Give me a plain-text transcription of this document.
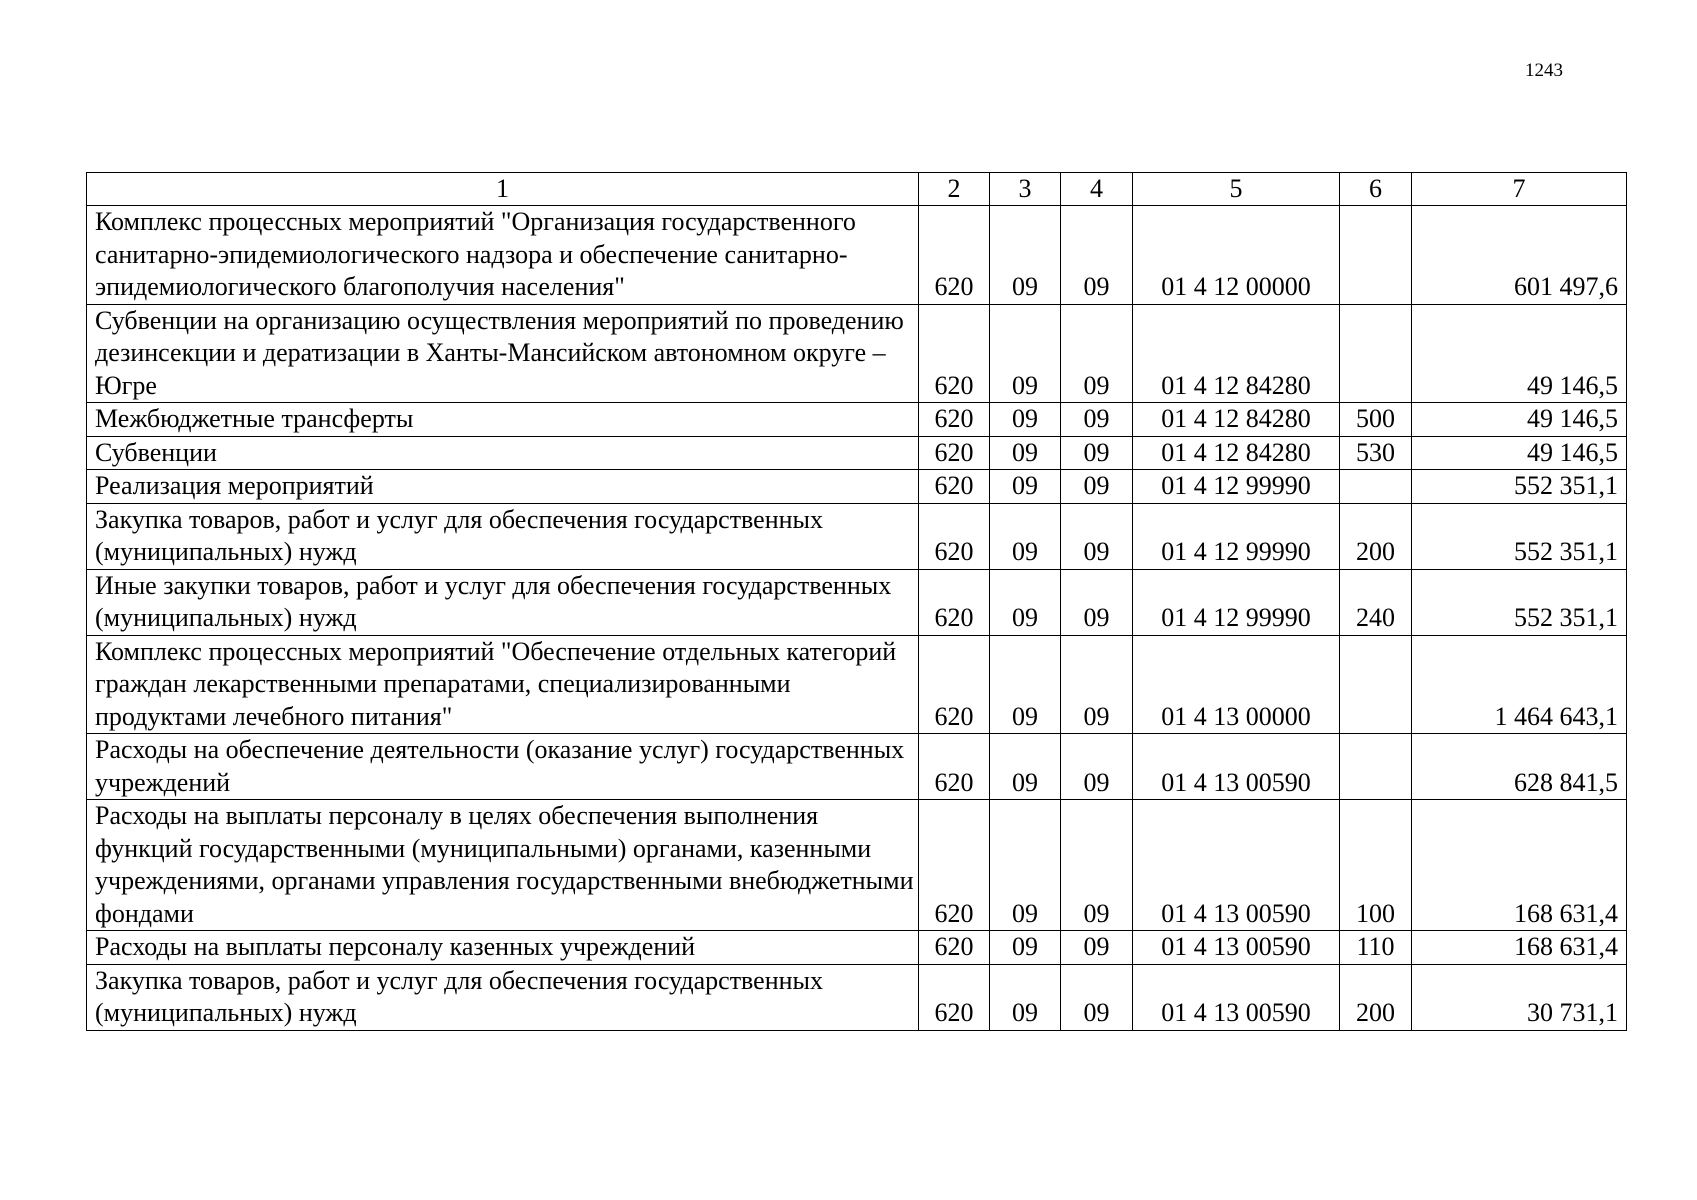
1243
1	2	3	4	5	6	7
Комплекс процессных мероприятий "Организация государственного санитарно-эпидемиологического надзора и обеспечение санитарно-эпидемиологического благополучия населения"	620	09	09	01 4 12 00000		601 497,6
Субвенции на организацию осуществления мероприятий по проведению дезинсекции и дератизации в Ханты-Мансийском автономном округе – Югре	620	09	09	01 4 12 84280		49 146,5
Межбюджетные трансферты	620	09	09	01 4 12 84280	500	49 146,5
Субвенции	620	09	09	01 4 12 84280	530	49 146,5
Реализация мероприятий	620	09	09	01 4 12 99990		552 351,1
Закупка товаров, работ и услуг для обеспечения государственных (муниципальных) нужд	620	09	09	01 4 12 99990	200	552 351,1
Иные закупки товаров, работ и услуг для обеспечения государственных (муниципальных) нужд	620	09	09	01 4 12 99990	240	552 351,1
Комплекс процессных мероприятий "Обеспечение отдельных категорий граждан лекарственными препаратами, специализированными продуктами лечебного питания"	620	09	09	01 4 13 00000		1 464 643,1
Расходы на обеспечение деятельности (оказание услуг) государственных учреждений	620	09	09	01 4 13 00590		628 841,5
Расходы на выплаты персоналу в целях обеспечения выполнения функций государственными (муниципальными) органами, казенными учреждениями, органами управления государственными внебюджетными фондами	620	09	09	01 4 13 00590	100	168 631,4
Расходы на выплаты персоналу казенных учреждений	620	09	09	01 4 13 00590	110	168 631,4
Закупка товаров, работ и услуг для обеспечения государственных (муниципальных) нужд	620	09	09	01 4 13 00590	200	30 731,1
